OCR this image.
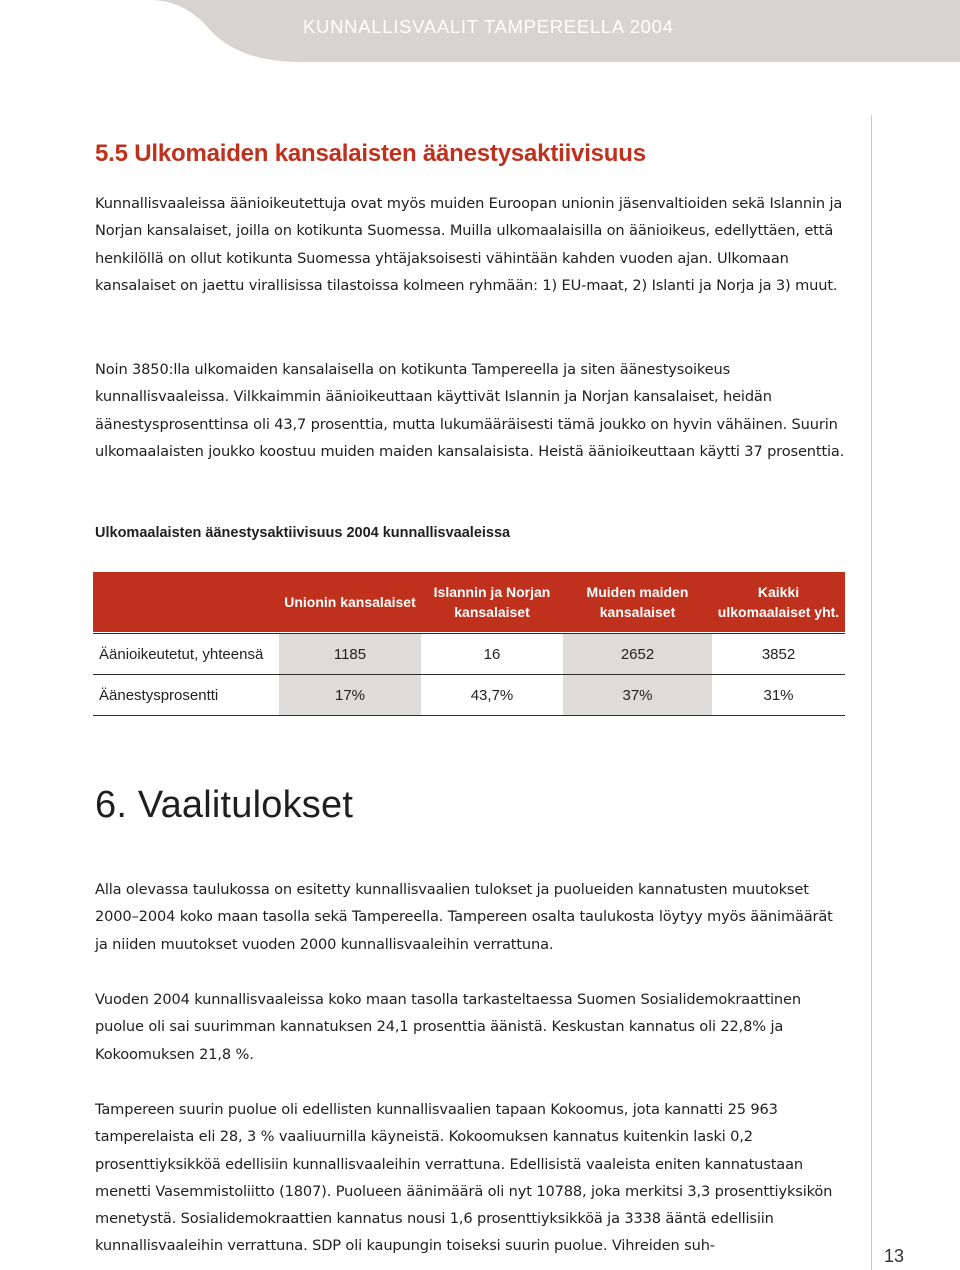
KUNNALLISVAALIT TAMPEREELLA 2004
5.5 Ulkomaiden kansalaisten äänestysaktiivisuus

Kunnallisvaaleissa äänioikeutettuja ovat myös muiden Euroopan unionin jäsenvaltioiden sekä Islannin ja Norjan kansalaiset, joilla on kotikunta Suomessa. Muilla ulkomaalaisilla on äänioikeus, edellyttäen, että henkilöllä on ollut kotikunta Suomessa yhtäjaksoisesti vähintään kahden vuoden ajan. Ulkomaan kansalaiset on jaettu virallisissa tilastoissa kolmeen ryhmään: 1) EU-maat, 2) Islanti ja Norja ja 3) muut.

Noin 3850:lla ulkomaiden kansalaisella on kotikunta Tampereella ja siten äänestysoikeus kunnallisvaaleissa. Vilkkaimmin äänioikeuttaan käyttivät Islannin ja Norjan kansalaiset, heidän äänestysprosenttinsa oli 43,7 prosenttia, mutta lukumääräisesti tämä joukko on hyvin vähäinen. Suurin ulkomaalaisten joukko koostuu muiden maiden kansalaisista. Heistä äänioikeuttaan käytti 37 prosenttia.

Ulkomaalaisten äänestysaktiivisuus 2004 kunnallisvaaleissa
	Unionin kansalaiset	Islannin ja Norjan kansalaiset	Muiden maiden kansalaiset	Kaikki ulkomaalaiset yht.

Äänioikeutetut, yhteensä	1185	16	2652	3852
Äänestysprosentti	17%	43,7%	37%	31%
6. Vaalitulokset

Alla olevassa taulukossa on esitetty kunnallisvaalien tulokset ja puolueiden kannatusten muutokset 2000–2004 koko maan tasolla sekä Tampereella. Tampereen osalta taulukosta löytyy myös äänimäärät ja niiden muutokset vuoden 2000 kunnallisvaaleihin verrattuna.

Vuoden 2004 kunnallisvaaleissa koko maan tasolla tarkasteltaessa Suomen Sosialidemokraattinen puolue oli sai suurimman kannatuksen 24,1 prosenttia äänistä. Keskustan kannatus oli 22,8% ja Kokoomuksen 21,8 %.

Tampereen suurin puolue oli edellisten kunnallisvaalien tapaan Kokoomus, jota kannatti 25 963 tamperelaista eli 28, 3 % vaaliuurnilla käyneistä. Kokoomuksen kannatus kuitenkin laski 0,2 prosenttiyksikköä edellisiin kunnallisvaaleihin verrattuna. Edellisistä vaaleista eniten kannatustaan menetti Vasemmistoliitto (1807). Puolueen äänimäärä oli nyt 10788, joka merkitsi 3,3 prosenttiyksikön menetystä. Sosialidemokraattien kannatus nousi 1,6 prosenttiyksikköä ja 3338 ääntä edellisiin kunnallisvaaleihin verrattuna. SDP oli kaupungin toiseksi suurin puolue. Vihreiden suh-

13
